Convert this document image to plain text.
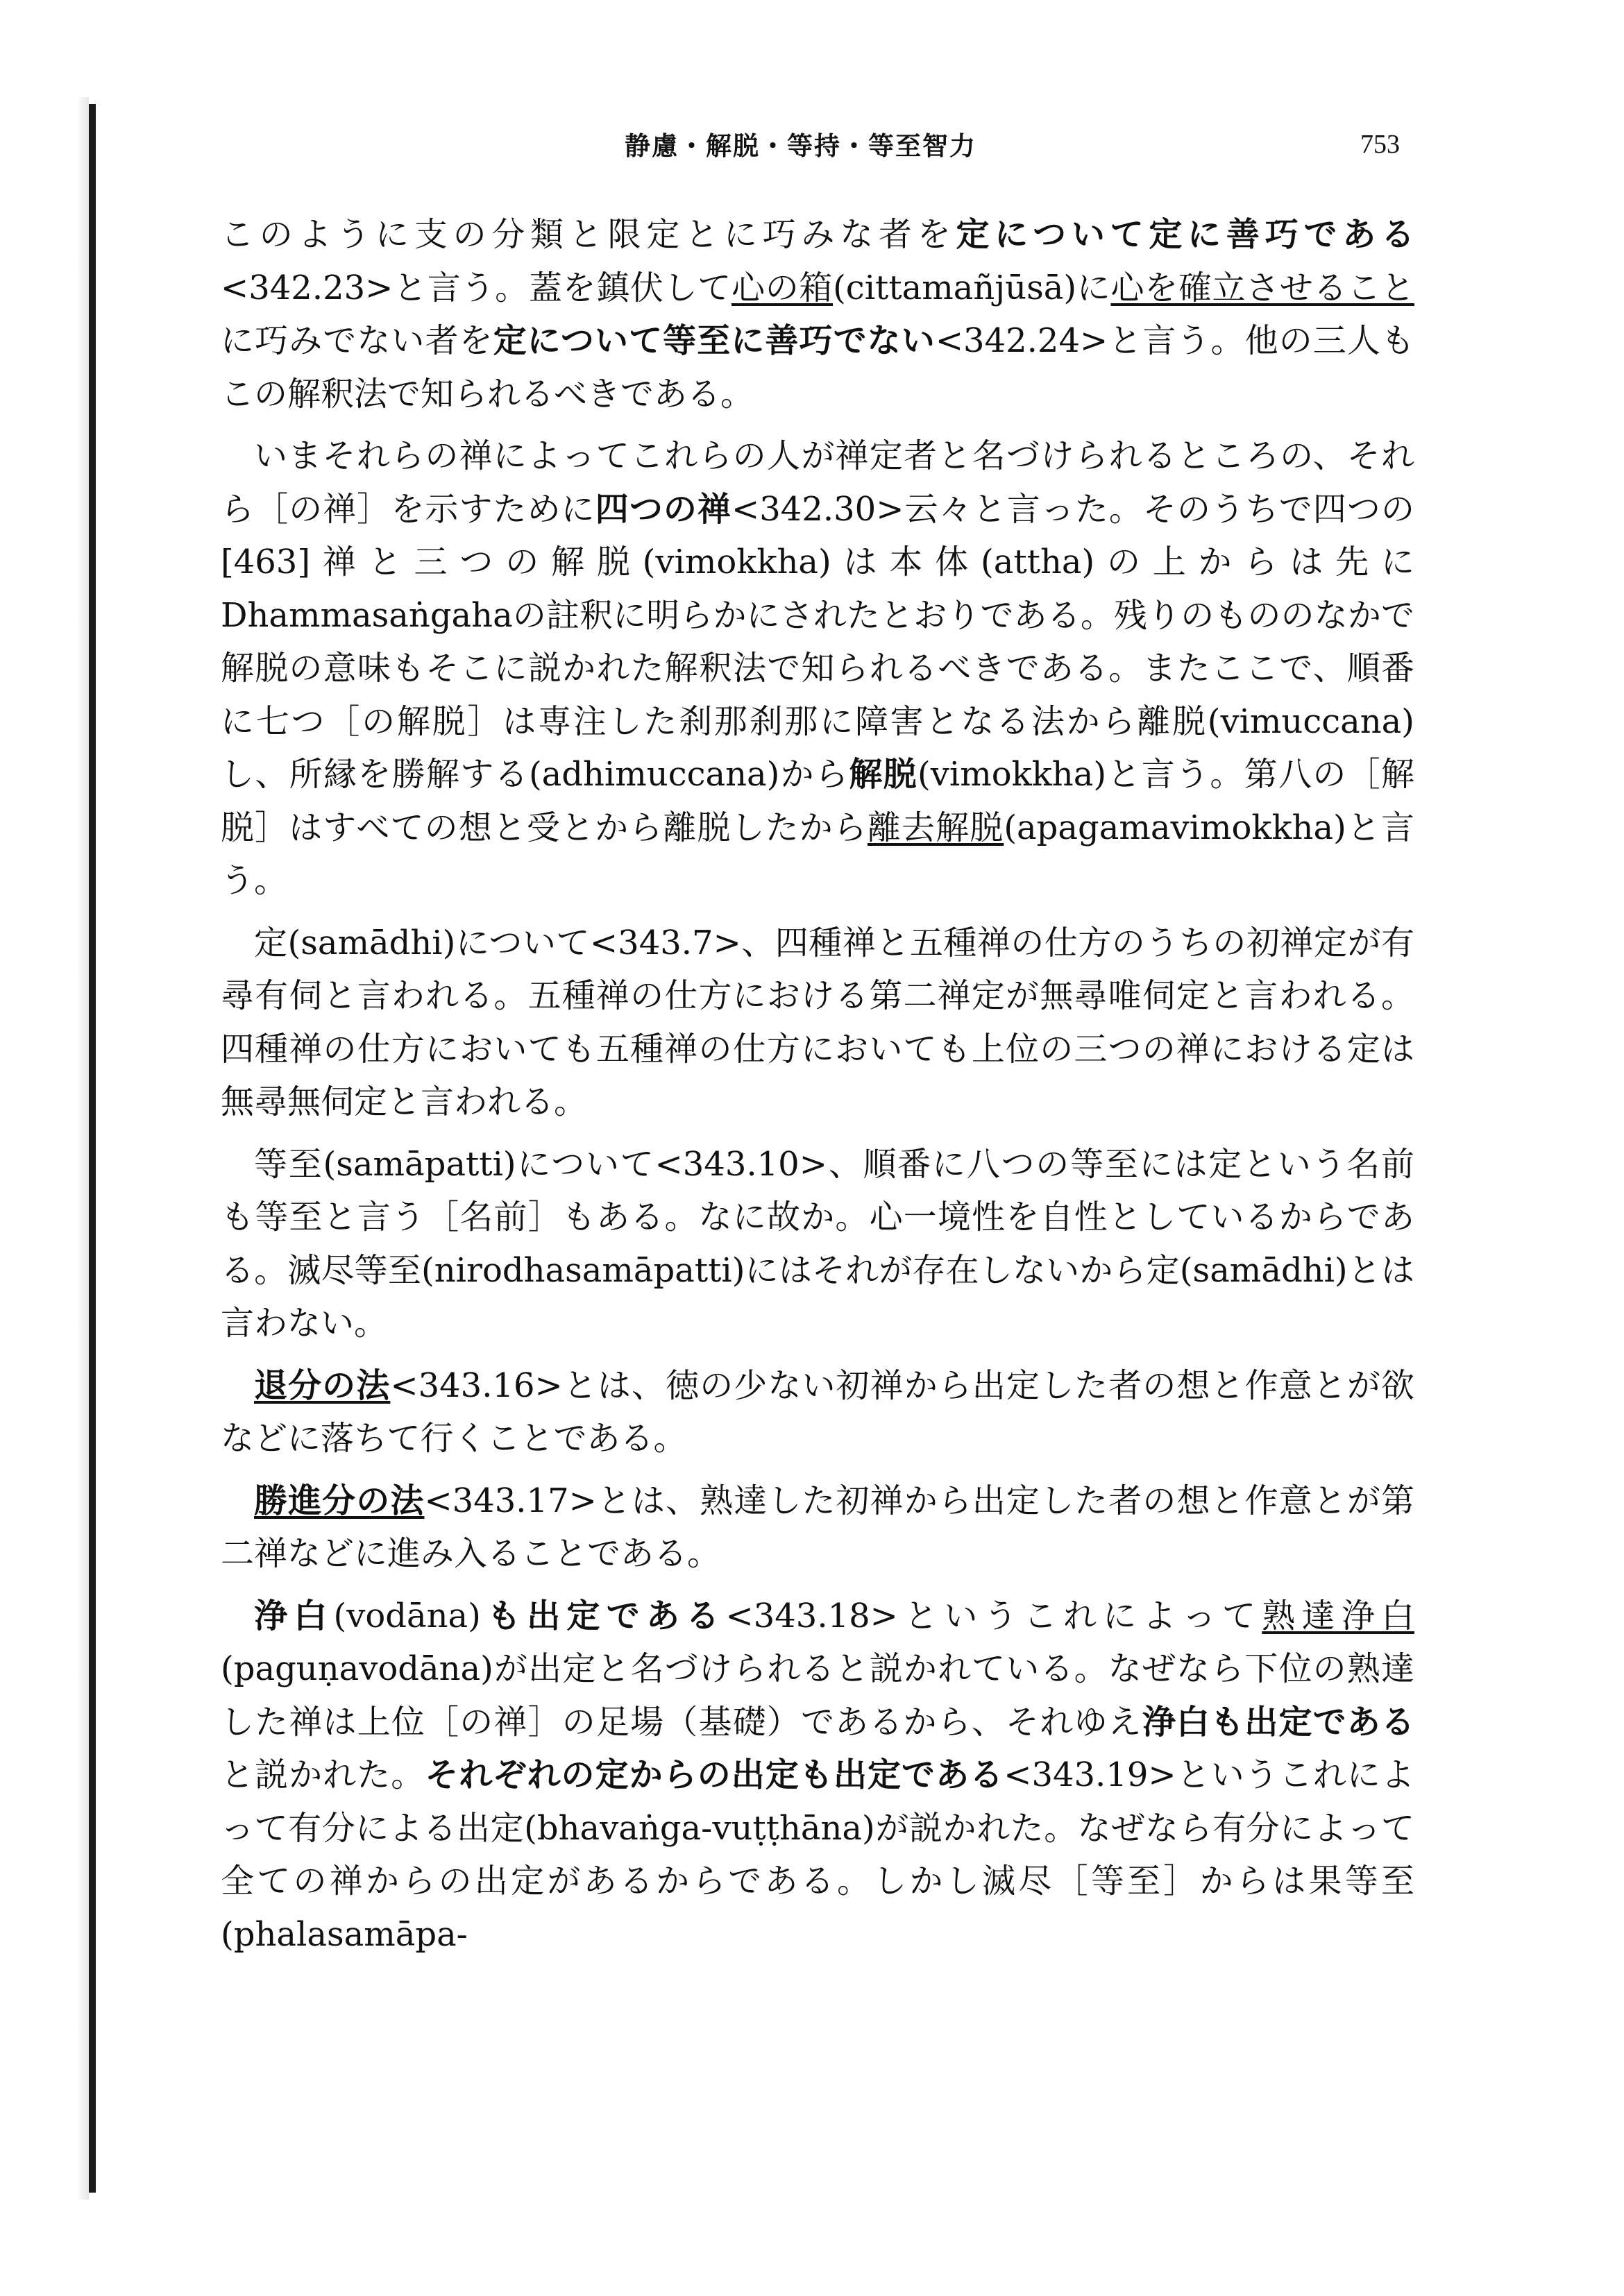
静慮・解脱・等持・等至智力	753

このように支の分類と限定とに巧みな者を定について定に善巧である<342.23>と言う。蓋を鎮伏して心の箱(cittamañjūsā)に心を確立させることに巧みでない者を定について等至に善巧でない<342.24>と言う。他の三人もこの解釈法で知られるべきである。

いまそれらの禅によってこれらの人が禅定者と名づけられるところの、それら［の禅］を示すために四つの禅<342.30>云々と言った。そのうちで四つの[463]禅と三つの解脱(vimokkha)は本体(attha)の上からは先にDhammasaṅgahaの註釈に明らかにされたとおりである。残りのもののなかで解脱の意味もそこに説かれた解釈法で知られるべきである。またここで、順番に七つ［の解脱］は専注した刹那刹那に障害となる法から離脱(vimuccana)し、所縁を勝解する(adhimuccana)から解脱(vimokkha)と言う。第八の［解脱］はすべての想と受とから離脱したから離去解脱(apagamavimokkha)と言う。

定(samādhi)について<343.7>、四種禅と五種禅の仕方のうちの初禅定が有尋有伺と言われる。五種禅の仕方における第二禅定が無尋唯伺定と言われる。四種禅の仕方においても五種禅の仕方においても上位の三つの禅における定は無尋無伺定と言われる。

等至(samāpatti)について<343.10>、順番に八つの等至には定という名前も等至と言う［名前］もある。なに故か。心一境性を自性としているからである。滅尽等至(nirodhasamāpatti)にはそれが存在しないから定(samādhi)とは言わない。

退分の法<343.16>とは、徳の少ない初禅から出定した者の想と作意とが欲などに落ちて行くことである。

勝進分の法<343.17>とは、熟達した初禅から出定した者の想と作意とが第二禅などに進み入ることである。

浄白(vodāna)も出定である<343.18>というこれによって熟達浄白(paguṇavodāna)が出定と名づけられると説かれている。なぜなら下位の熟達した禅は上位［の禅］の足場（基礎）であるから、それゆえ浄白も出定であると説かれた。それぞれの定からの出定も出定である<343.19>というこれによって有分による出定(bhavaṅga-vuṭṭhāna)が説かれた。なぜなら有分によって全ての禅からの出定があるからである。しかし滅尽［等至］からは果等至(phalasamāpa-
